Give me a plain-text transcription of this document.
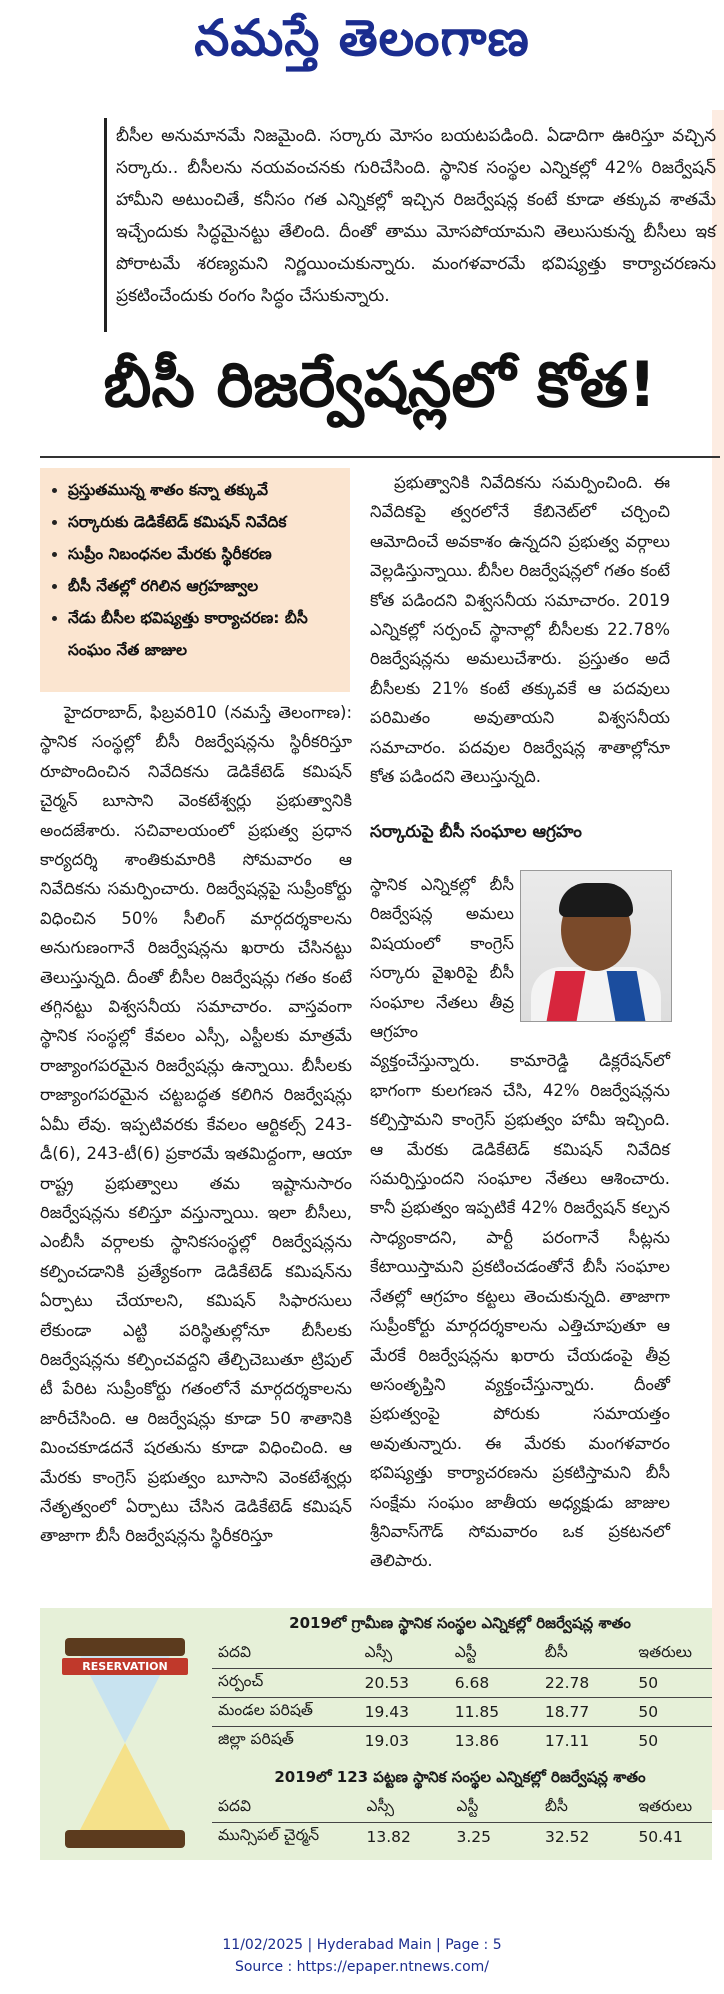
నమస్తే తెలంగాణ
బీసీల అనుమానమే నిజమైంది. సర్కారు మోసం బయటపడింది. ఏడాదిగా ఊరిస్తూ వచ్చిన సర్కారు.. బీసీలను నయవంచనకు గురిచేసింది. స్థానిక సంస్థల ఎన్నికల్లో 42% రిజర్వేషన్‌ హామీని అటుంచితే, కనీసం గత ఎన్నికల్లో ఇచ్చిన రిజర్వేషన్ల కంటే కూడా తక్కువ శాతమే ఇచ్చేందుకు సిద్ధమైనట్టు తేలింది. దీంతో తాము మోసపోయామని తెలుసుకున్న బీసీలు ఇక పోరాటమే శరణ్యమని నిర్ణయించుకున్నారు. మంగళవారమే భవిష్యత్తు కార్యాచరణను ప్రకటించేందుకు రంగం సిద్ధం చేసుకున్నారు.
బీసీ రిజర్వేషన్లలో కోత!
• ప్రస్తుతమున్న శాతం కన్నా తక్కువే
• సర్కారుకు డెడికేటెడ్‌ కమిషన్‌ నివేదిక
• సుప్రీం నిబంధనల మేరకు స్థిరీకరణ
• బీసీ నేతల్లో రగిలిన ఆగ్రహజ్వాల
• నేడు బీసీల భవిష్యత్తు కార్యాచరణ: బీసీ సంఘం నేత జాజుల

హైదరాబాద్‌, ఫిబ్రవరి10 (నమస్తే తెలంగాణ): స్థానిక సంస్థల్లో బీసీ రిజర్వేషన్లను స్థిరీకరిస్తూ రూపొందించిన నివేదికను డెడికేటెడ్‌ కమిషన్‌ చైర్మన్‌ బూసాని వెంకటేశ్వర్లు ప్రభుత్వానికి అందజేశారు. సచివాలయంలో ప్రభుత్వ ప్రధాన కార్యదర్శి శాంతికుమారికి సోమవారం ఆ నివేదికను సమర్పించారు. రిజర్వేషన్లపై సుప్రీంకోర్టు విధించిన 50% సీలింగ్‌ మార్గదర్శకాలను అనుగుణంగానే రిజర్వేషన్లను ఖరారు చేసినట్టు తెలుస్తున్నది. దీంతో బీసీల రిజర్వేషన్లు గతం కంటే తగ్గినట్టు విశ్వసనీయ సమాచారం. వాస్తవంగా స్థానిక సంస్థల్లో కేవలం ఎస్సీ, ఎస్టీలకు మాత్రమే రాజ్యాంగపరమైన రిజర్వేషన్లు ఉన్నాయి. బీసీలకు రాజ్యాంగపరమైన చట్టబద్ధత కలిగిన రిజర్వేషన్లు ఏమీ లేవు. ఇప్పటివరకు కేవలం ఆర్టికల్స్‌ 243-డీ(6), 243-టీ(6) ప్రకారమే ఇతమిద్దంగా, ఆయా రాష్ట్ర ప్రభుత్వాలు తమ ఇష్టానుసారం రిజర్వేషన్లను కలిస్తూ వస్తున్నాయి. ఇలా బీసీలు, ఎంబీసీ వర్గాలకు స్థానికసంస్థల్లో రిజర్వేషన్లను కల్పించడానికి ప్రత్యేకంగా డెడికేటెడ్‌ కమిషన్‌ను ఏర్పాటు చేయాలని, కమిషన్‌ సిఫారసులు లేకుండా ఎట్టి పరిస్థితుల్లోనూ బీసీలకు రిజర్వేషన్లను కల్పించవద్దని తేల్చిచెబుతూ ట్రిపుల్‌ టీ పేరిట సుప్రీంకోర్టు గతంలోనే మార్గదర్శకాలను జారీచేసింది. ఆ రిజర్వేషన్లు కూడా 50 శాతానికి మించకూడదనే షరతును కూడా విధించింది. ఆ మేరకు కాంగ్రెస్‌ ప్రభుత్వం బూసాని వెంకటేశ్వర్లు నేతృత్వంలో ఏర్పాటు చేసిన డెడికేటెడ్‌ కమిషన్‌ తాజాగా బీసీ రిజర్వేషన్లను స్థిరీకరిస్తూ

ప్రభుత్వానికి నివేదికను సమర్పించింది. ఈ నివేదికపై త్వరలోనే కేబినెట్‌లో చర్చించి ఆమోదించే అవకాశం ఉన్నదని ప్రభుత్వ వర్గాలు వెల్లడిస్తున్నాయి. బీసీల రిజర్వేషన్లలో గతం కంటే కోత పడిందని విశ్వసనీయ సమాచారం. 2019 ఎన్నికల్లో సర్పంచ్‌ స్థానాల్లో బీసీలకు 22.78% రిజర్వేషన్లను అమలుచేశారు. ప్రస్తుతం అదే బీసీలకు 21% కంటే తక్కువకే ఆ పదవులు పరిమితం అవుతాయని విశ్వసనీయ సమాచారం. పదవుల రిజర్వేషన్ల శాతాల్లోనూ కోత పడిందని తెలుస్తున్నది.

సర్కారుపై బీసీ సంఘాల ఆగ్రహం

స్థానిక ఎన్నికల్లో బీసీ రిజర్వేషన్ల అమలు విషయంలో కాంగ్రెస్‌ సర్కారు వైఖరిపై బీసీ సంఘాల నేతలు తీవ్ర ఆగ్రహం వ్యక్తంచేస్తున్నారు. కామారెడ్డి డిక్లరేషన్‌లో భాగంగా కులగణన చేసి, 42% రిజర్వేషన్లను కల్పిస్తామని కాంగ్రెస్‌ ప్రభుత్వం హామీ ఇచ్చింది. ఆ మేరకు డెడికేటెడ్‌ కమిషన్‌ నివేదిక సమర్పిస్తుందని సంఘాల నేతలు ఆశించారు. కానీ ప్రభుత్వం ఇప్పటికే 42% రిజర్వేషన్‌ కల్పన సాధ్యంకాదని, పార్టీ పరంగానే సీట్లను కేటాయిస్తామని ప్రకటించడంతోనే బీసీ సంఘాల నేతల్లో ఆగ్రహం కట్టలు తెంచుకున్నది. తాజాగా సుప్రీంకోర్టు మార్గదర్శకాలను ఎత్తిచూపుతూ ఆ మేరకే రిజర్వేషన్లను ఖరారు చేయడంపై తీవ్ర అసంతృప్తిని వ్యక్తంచేస్తున్నారు. దీంతో ప్రభుత్వంపై పోరుకు సమాయత్తం అవుతున్నారు. ఈ మేరకు మంగళవారం భవిష్యత్తు కార్యాచరణను ప్రకటిస్తామని బీసీ సంక్షేమ సంఘం జాతీయ అధ్యక్షుడు జాజుల శ్రీనివాస్‌గౌడ్‌ సోమవారం ఒక ప్రకటనలో తెలిపారు.

RESERVATION
2019లో గ్రామీణ స్థానిక సంస్థల ఎన్నికల్లో రిజర్వేషన్ల శాతం
పదవి	ఎస్సీ	ఎస్టీ	బీసీ	ఇతరులు
సర్పంచ్‌	20.53	6.68	22.78	50
మండల పరిషత్‌	19.43	11.85	18.77	50
జిల్లా పరిషత్‌	19.03	13.86	17.11	50
2019లో 123 పట్టణ స్థానిక సంస్థల ఎన్నికల్లో రిజర్వేషన్ల శాతం
పదవి	ఎస్సీ	ఎస్టీ	బీసీ	ఇతరులు
మున్సిపల్‌ చైర్మన్‌	13.82	3.25	32.52	50.41
11/02/2025 | Hyderabad Main | Page : 5
Source : https://epaper.ntnews.com/
